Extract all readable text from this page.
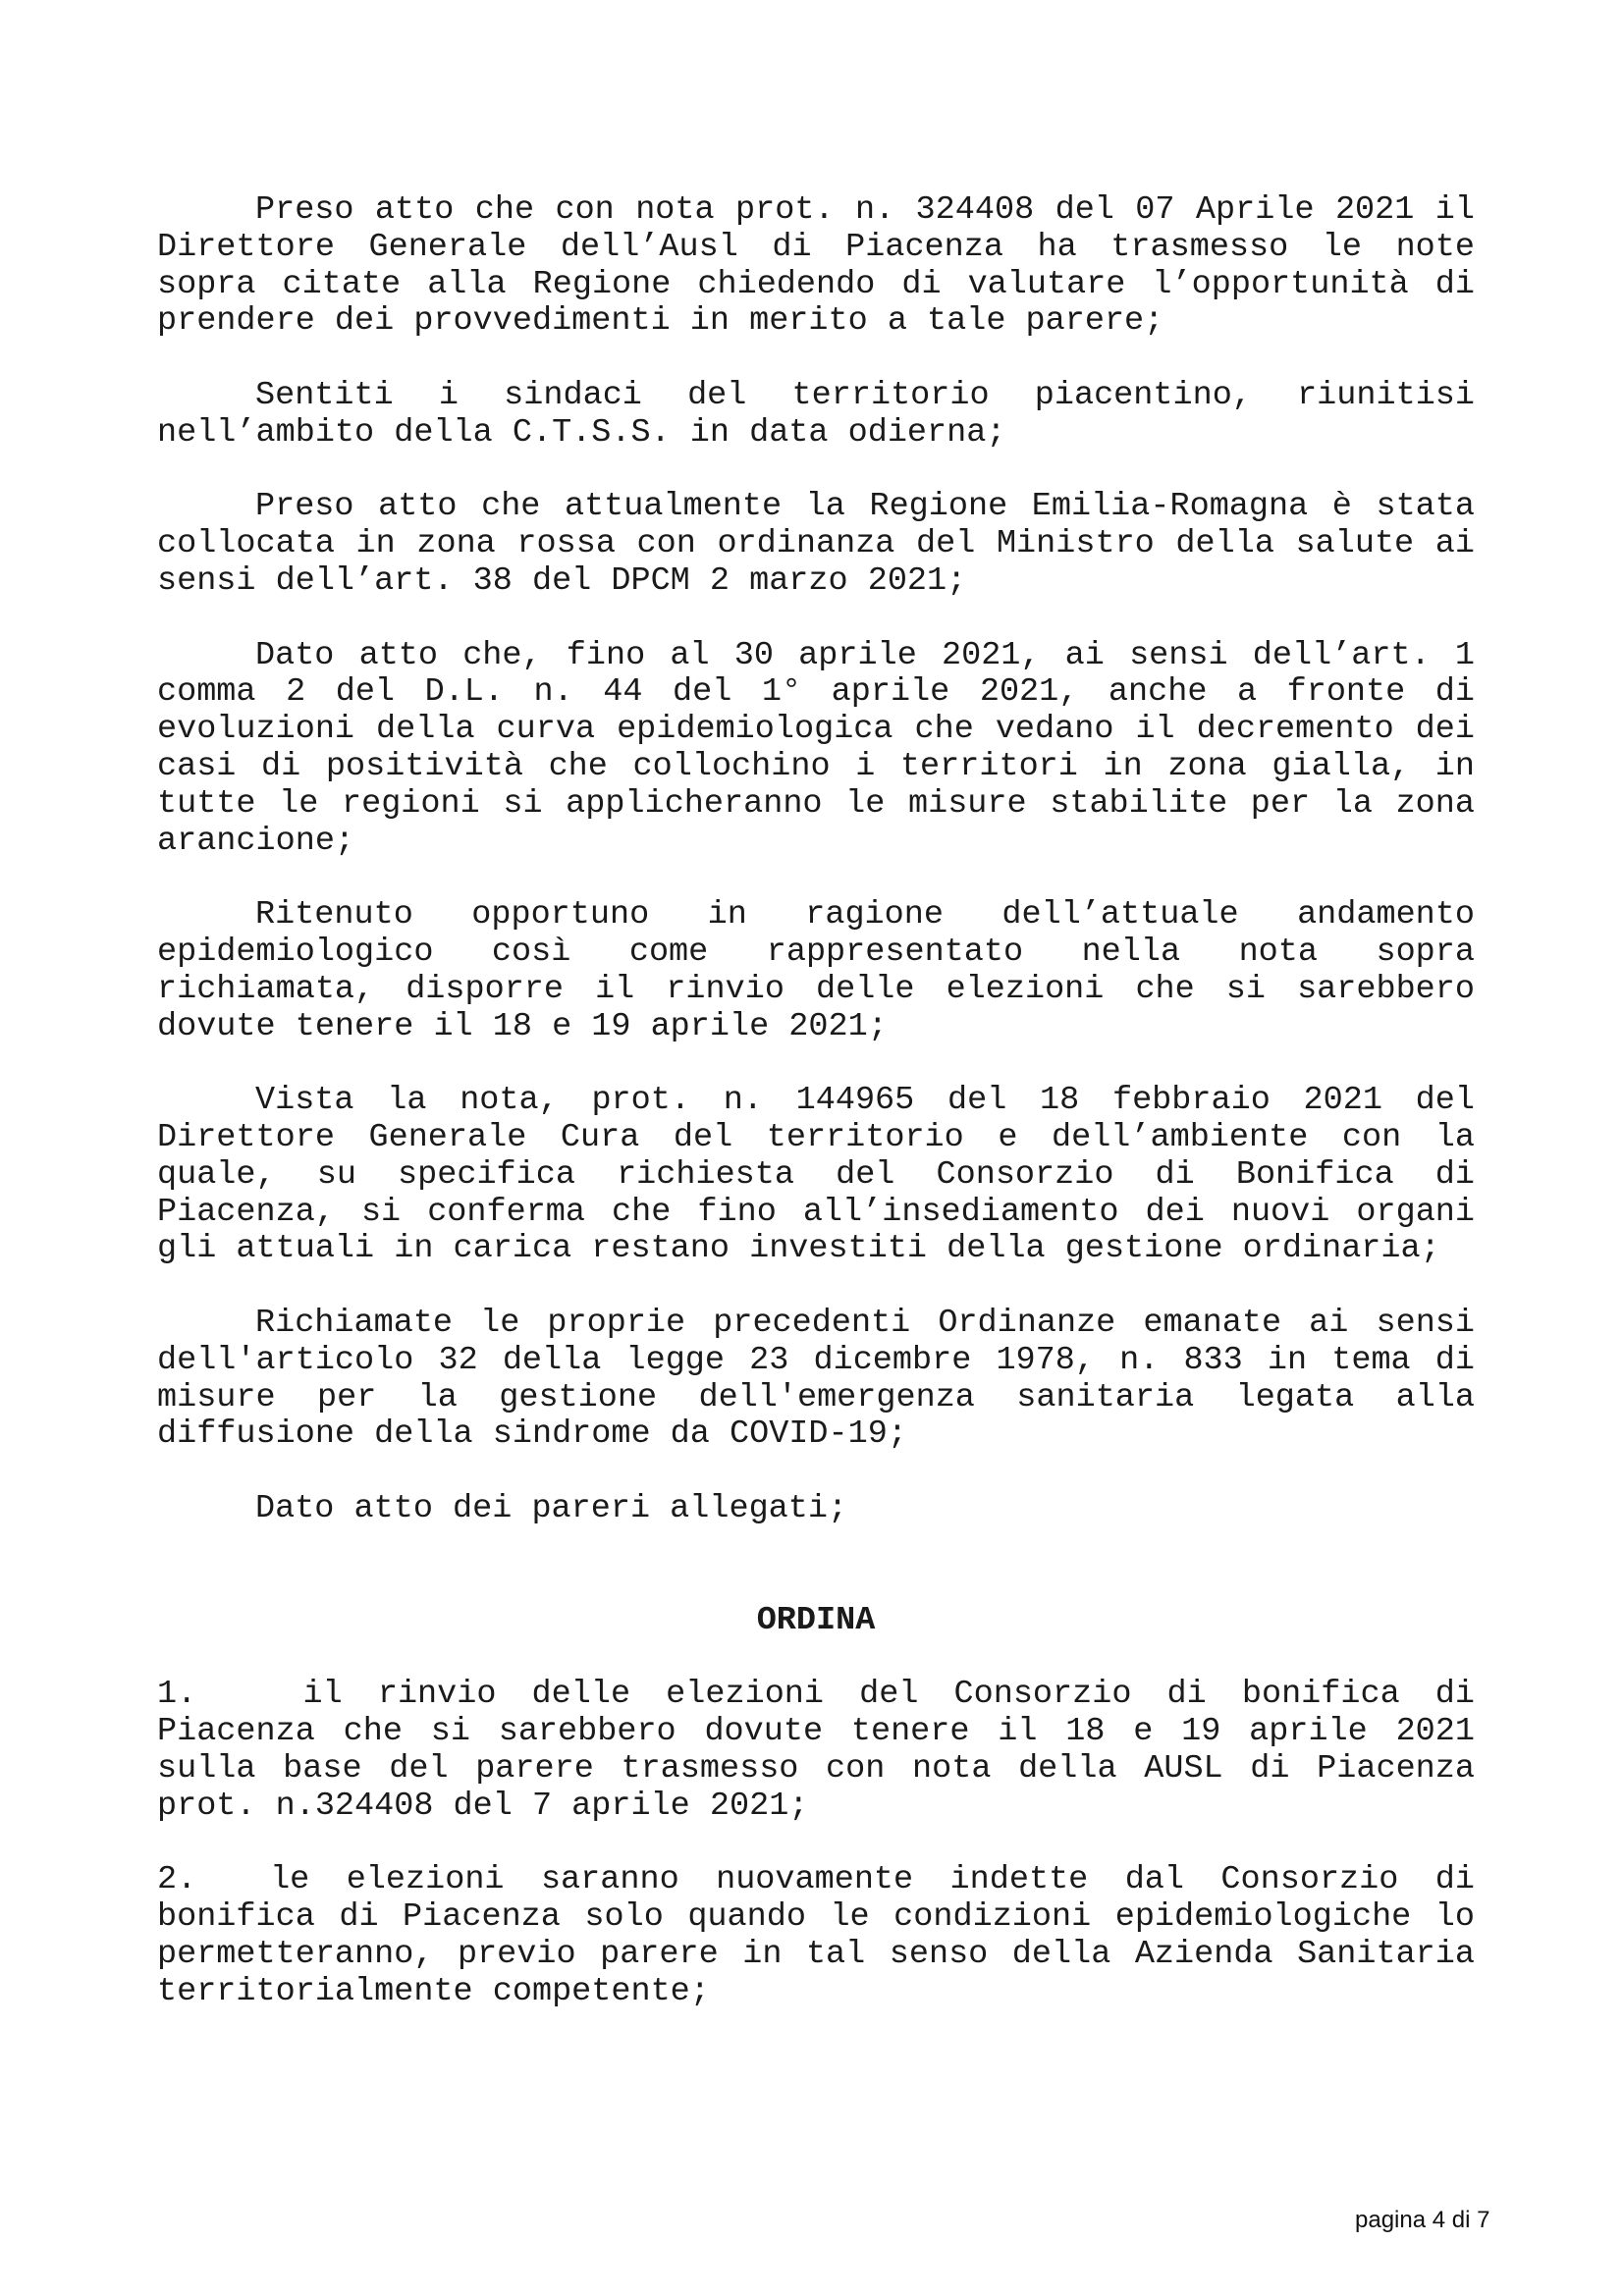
Preso atto che con nota prot. n. 324408 del 07 Aprile 2021 il Direttore Generale dell’Ausl di Piacenza ha trasmesso le note sopra citate alla Regione chiedendo di valutare l’opportunità di prendere dei provvedimenti in merito a tale parere;

Sentiti i sindaci del territorio piacentino, riunitisi nell’ambito della C.T.S.S. in data odierna;

Preso atto che attualmente la Regione Emilia-Romagna è stata collocata in zona rossa con ordinanza del Ministro della salute ai sensi dell’art. 38 del DPCM 2 marzo 2021;

Dato atto che, fino al 30 aprile 2021, ai sensi dell’art. 1 comma 2 del D.L. n. 44 del 1° aprile 2021, anche a fronte di evoluzioni della curva epidemiologica che vedano il decremento dei casi di positività che collochino i territori in zona gialla, in tutte le regioni si applicheranno le misure stabilite per la zona arancione;

Ritenuto opportuno in ragione dell’attuale andamento epidemiologico così come rappresentato nella nota sopra richiamata, disporre il rinvio delle elezioni che si sarebbero dovute tenere il 18 e 19 aprile 2021;

Vista la nota, prot. n. 144965 del 18 febbraio 2021 del Direttore Generale Cura del territorio e dell’ambiente con la quale, su specifica richiesta del Consorzio di Bonifica di Piacenza, si conferma che fino all’insediamento dei nuovi organi gli attuali in carica restano investiti della gestione ordinaria;

Richiamate le proprie precedenti Ordinanze emanate ai sensi dell'articolo 32 della legge 23 dicembre 1978, n. 833 in tema di misure per la gestione dell'emergenza sanitaria legata alla diffusione della sindrome da COVID-19;

Dato atto dei pareri allegati;

ORDINA

1.	il rinvio delle elezioni del Consorzio di bonifica di Piacenza che si sarebbero dovute tenere il 18 e 19 aprile 2021 sulla base del parere trasmesso con nota della AUSL di Piacenza prot. n.324408 del 7 aprile 2021;

2. le elezioni saranno nuovamente indette dal Consorzio di bonifica di Piacenza solo quando le condizioni epidemiologiche lo permetteranno, previo parere in tal senso della Azienda Sanitaria territorialmente competente;

pagina 4 di 7
